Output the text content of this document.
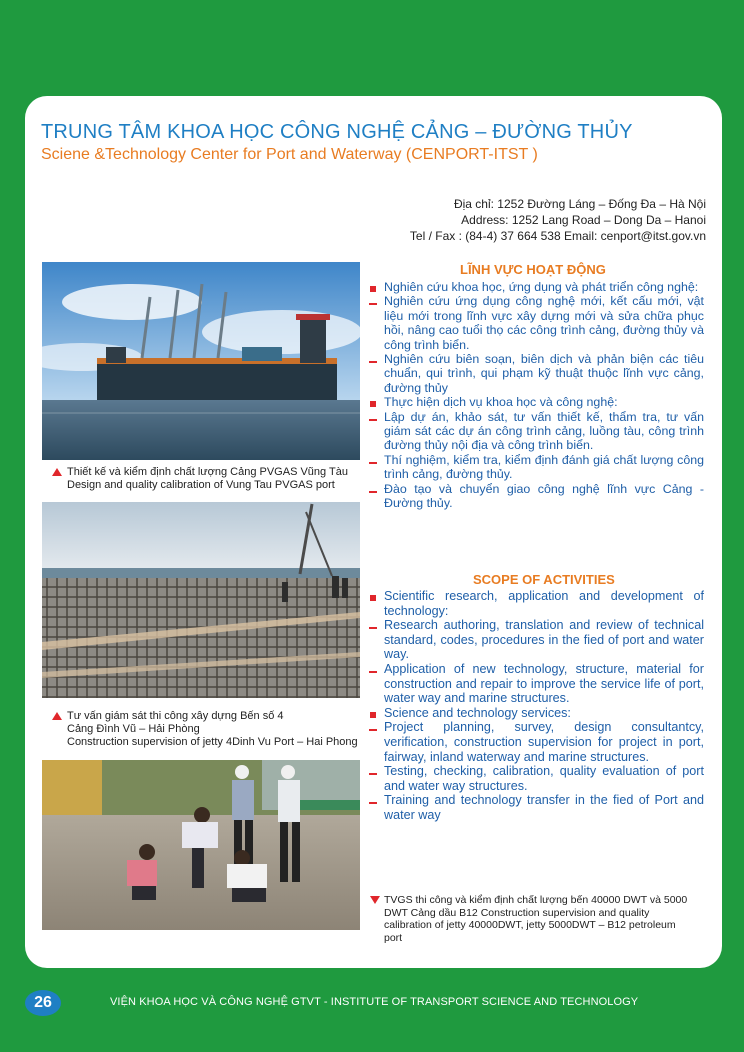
TRUNG TÂM KHOA HỌC CÔNG NGHỆ CẢNG – ĐƯỜNG THỦY
Sciene &Technology Center for Port and Waterway (CENPORT-ITST )
Địa chỉ: 1252 Đường Láng – Đống Đa – Hà Nội
Address: 1252 Lang Road – Dong Da – Hanoi
Tel / Fax : (84-4) 37 664 538 Email: cenport@itst.gov.vn
Thiết kế và kiểm định chất lượng Cảng PVGAS Vũng Tàu
Design and quality calibration of Vung Tau PVGAS port
Tư vấn giám sát thi công xây dựng Bến số 4
Cảng Đình Vũ – Hải Phòng
Construction supervision of jetty 4Dinh Vu Port – Hai Phong
LĨNH VỰC HOẠT ĐỘNG
Nghiên cứu khoa học, ứng dụng và phát triển công nghệ:
Nghiên cứu ứng dụng công nghệ mới, kết cấu mới, vật liệu mới trong lĩnh vực xây dựng mới và sửa chữa phục hồi, nâng cao tuổi thọ các công trình cảng, đường thủy và công trình biển.
Nghiên cứu biên soạn, biên dịch và phản biện các tiêu chuẩn, qui trình, qui phạm kỹ thuật thuộc lĩnh vực cảng, đường thủy
Thực hiện dịch vụ khoa học và công nghệ:
Lập dự án, khảo sát, tư vấn thiết kế, thẩm tra, tư vấn giám sát các dự án công trình cảng, luồng tàu, công trình đường thủy nội địa và công trình biển.
Thí nghiệm, kiểm tra, kiểm định đánh giá chất lượng công trình cảng, đường thủy.
Đào tạo và chuyển giao công nghệ lĩnh vực Cảng - Đường thủy.
SCOPE OF ACTIVITIES
Scientific research, application and development of technology:
Research authoring, translation and review of technical standard, codes, procedures in the fied of port and water way.
Application of new technology, structure, material for construction and repair to improve the service life of port, water way and marine structures.
Science and technology services:
Project planning, survey, design consultantcy, verification, construction supervision for project in port, fairway, inland waterway and marine structures.
Testing, checking, calibration, quality evaluation of port and water way structures.
Training and technology transfer in the fied of Port and water way
TVGS thi công và kiểm định chất lượng bến 40000 DWT và 5000 DWT Cảng dầu B12 Construction supervision and quality calibration of jetty 40000DWT, jetty 5000DWT – B12 petroleum port
26	VIỆN KHOA HỌC VÀ CÔNG NGHỆ GTVT - INSTITUTE OF TRANSPORT SCIENCE AND TECHNOLOGY
